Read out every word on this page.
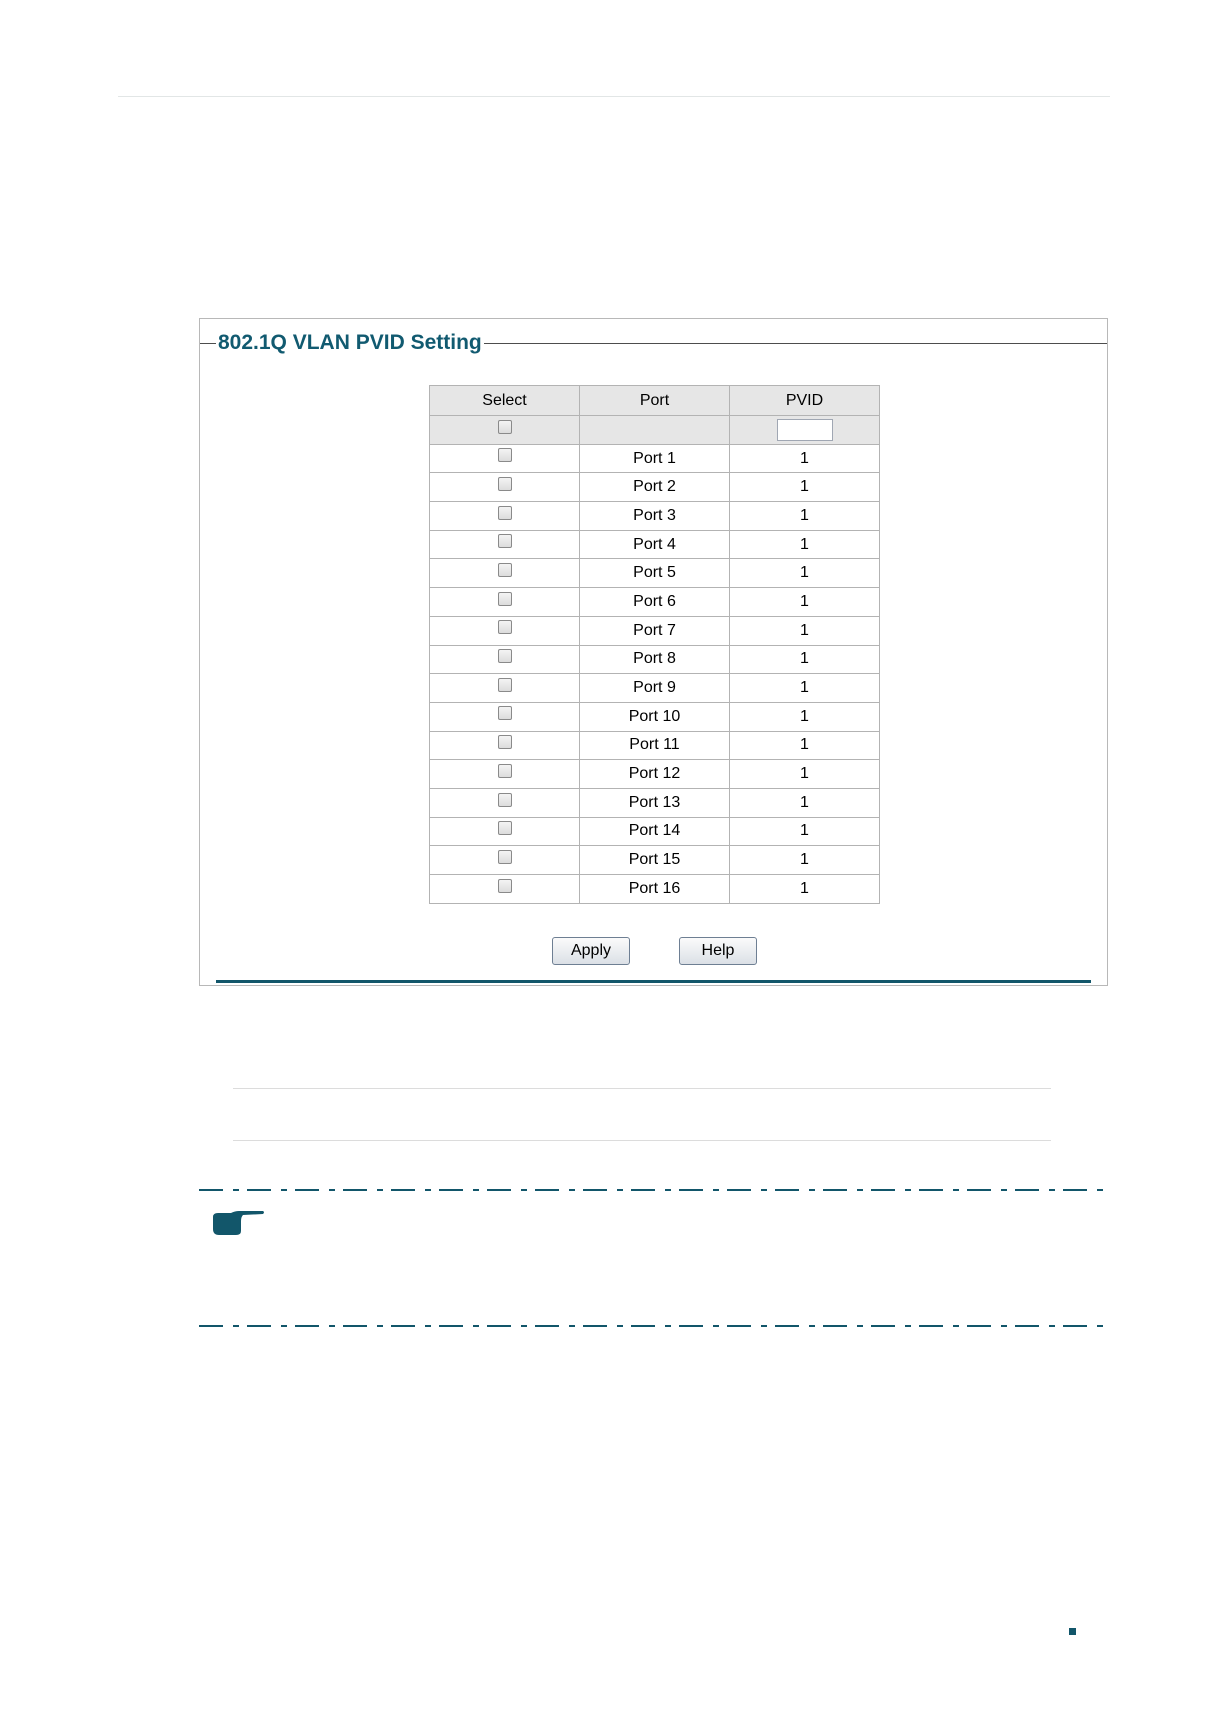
802.1Q VLAN PVID Setting
Select	Port	PVID

	Port 1	1
	Port 2	1
	Port 3	1
	Port 4	1
	Port 5	1
	Port 6	1
	Port 7	1
	Port 8	1
	Port 9	1
	Port 10	1
	Port 11	1
	Port 12	1
	Port 13	1
	Port 14	1
	Port 15	1
	Port 16	1
Apply	Help
